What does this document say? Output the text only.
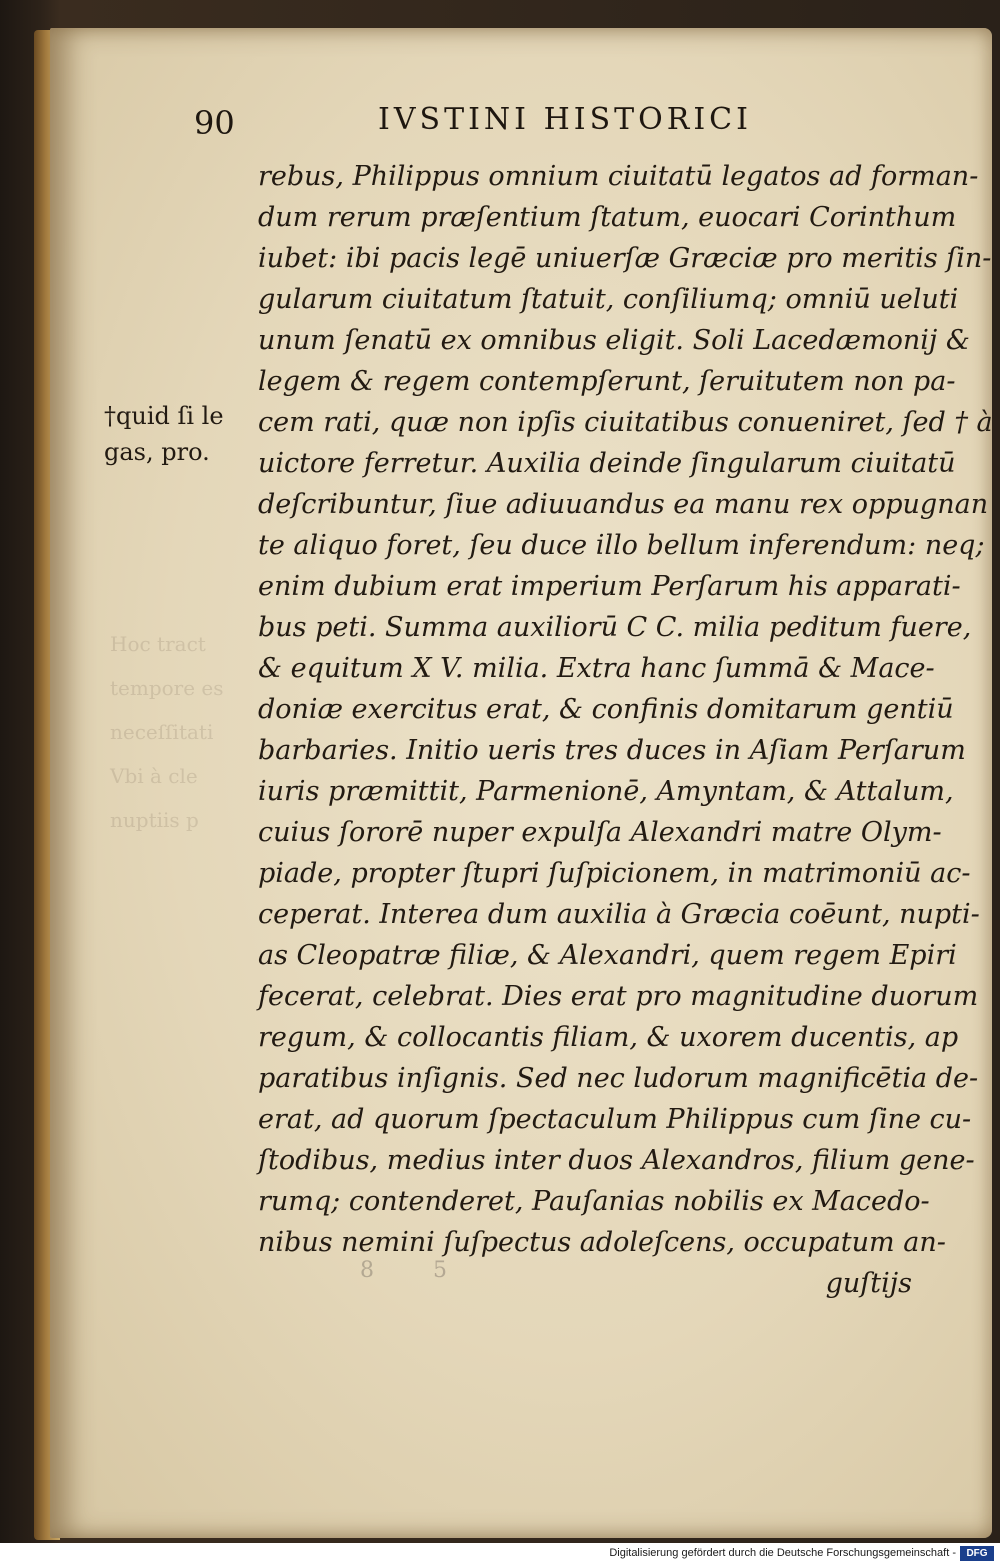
90	IVSTINI HISTORICI
†quid ſi le
gas, pro.
Hoc tract
tempore es
neceſſitati
Vbi à cle
nuptiis p
rebus, Philippus omnium ciuitatū legatos ad forman-
dum rerum præſentium ſtatum, euocari Corinthum
iubet: ibi pacis legē uniuerſæ Græciæ pro meritis ſin-
gularum ciuitatum ſtatuit, conſiliumq; omniū ueluti
unum ſenatū ex omnibus eligit. Soli Lacedæmonij &
legem & regem contempſerunt, ſeruitutem non pa-
cem rati, quæ non ipſis ciuitatibus conueniret, ſed † à
uictore ferretur. Auxilia deinde ſingularum ciuitatū
deſcribuntur, ſiue adiuuandus ea manu rex oppugnan
te aliquo foret, ſeu duce illo bellum inferendum: neq;
enim dubium erat imperium Perſarum his apparati-
bus peti. Summa auxiliorū C C. milia peditum fuere,
& equitum X V. milia. Extra hanc ſummā & Mace-
doniæ exercitus erat, & confinis domitarum gentiū
barbaries. Initio ueris tres duces in Aſiam Perſarum
iuris præmittit, Parmenionē, Amyntam, & Attalum,
cuius ſororē nuper expulſa Alexandri matre Olym-
piade, propter ſtupri ſuſpicionem, in matrimoniū ac-
ceperat. Interea dum auxilia à Græcia coēunt, nupti-
as Cleopatræ filiæ, & Alexandri, quem regem Epiri
fecerat, celebrat. Dies erat pro magnitudine duorum
regum, & collocantis filiam, & uxorem ducentis, ap
paratibus inſignis. Sed nec ludorum magnificētia de-
erat, ad quorum ſpectaculum Philippus cum ſine cu-
ſtodibus, medius inter duos Alexandros, filium gene-
rumq; contenderet, Pauſanias nobilis ex Macedo-
nibus nemini ſuſpectus adoleſcens, occupatum an-
guſtijs
8 5
Digitalisierung gefördert durch die Deutsche Forschungsgemeinschaft -	DFG
